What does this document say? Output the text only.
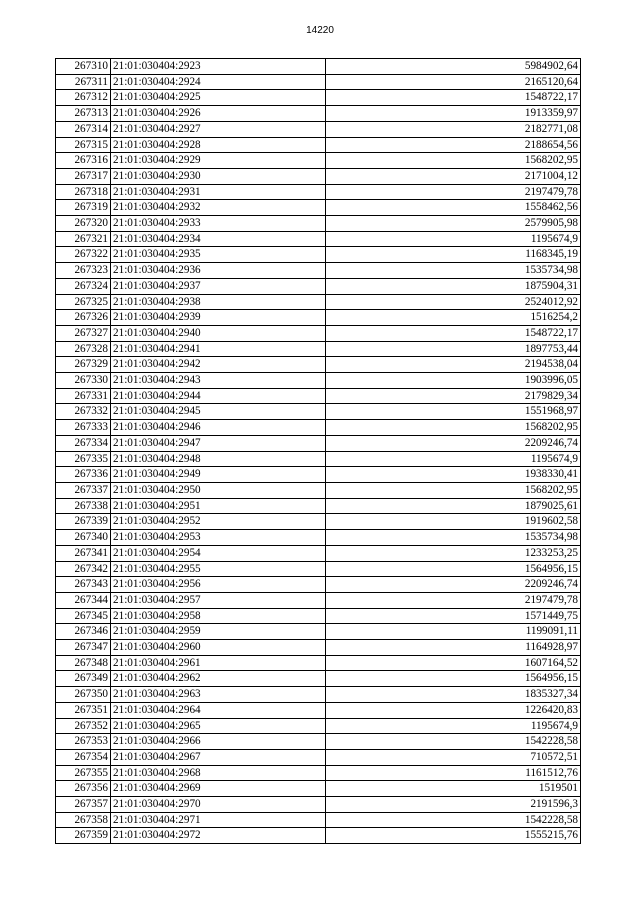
14220
267310	21:01:030404:2923	5984902,64
267311	21:01:030404:2924	2165120,64
267312	21:01:030404:2925	1548722,17
267313	21:01:030404:2926	1913359,97
267314	21:01:030404:2927	2182771,08
267315	21:01:030404:2928	2188654,56
267316	21:01:030404:2929	1568202,95
267317	21:01:030404:2930	2171004,12
267318	21:01:030404:2931	2197479,78
267319	21:01:030404:2932	1558462,56
267320	21:01:030404:2933	2579905,98
267321	21:01:030404:2934	1195674,9
267322	21:01:030404:2935	1168345,19
267323	21:01:030404:2936	1535734,98
267324	21:01:030404:2937	1875904,31
267325	21:01:030404:2938	2524012,92
267326	21:01:030404:2939	1516254,2
267327	21:01:030404:2940	1548722,17
267328	21:01:030404:2941	1897753,44
267329	21:01:030404:2942	2194538,04
267330	21:01:030404:2943	1903996,05
267331	21:01:030404:2944	2179829,34
267332	21:01:030404:2945	1551968,97
267333	21:01:030404:2946	1568202,95
267334	21:01:030404:2947	2209246,74
267335	21:01:030404:2948	1195674,9
267336	21:01:030404:2949	1938330,41
267337	21:01:030404:2950	1568202,95
267338	21:01:030404:2951	1879025,61
267339	21:01:030404:2952	1919602,58
267340	21:01:030404:2953	1535734,98
267341	21:01:030404:2954	1233253,25
267342	21:01:030404:2955	1564956,15
267343	21:01:030404:2956	2209246,74
267344	21:01:030404:2957	2197479,78
267345	21:01:030404:2958	1571449,75
267346	21:01:030404:2959	1199091,11
267347	21:01:030404:2960	1164928,97
267348	21:01:030404:2961	1607164,52
267349	21:01:030404:2962	1564956,15
267350	21:01:030404:2963	1835327,34
267351	21:01:030404:2964	1226420,83
267352	21:01:030404:2965	1195674,9
267353	21:01:030404:2966	1542228,58
267354	21:01:030404:2967	710572,51
267355	21:01:030404:2968	1161512,76
267356	21:01:030404:2969	1519501
267357	21:01:030404:2970	2191596,3
267358	21:01:030404:2971	1542228,58
267359	21:01:030404:2972	1555215,76
